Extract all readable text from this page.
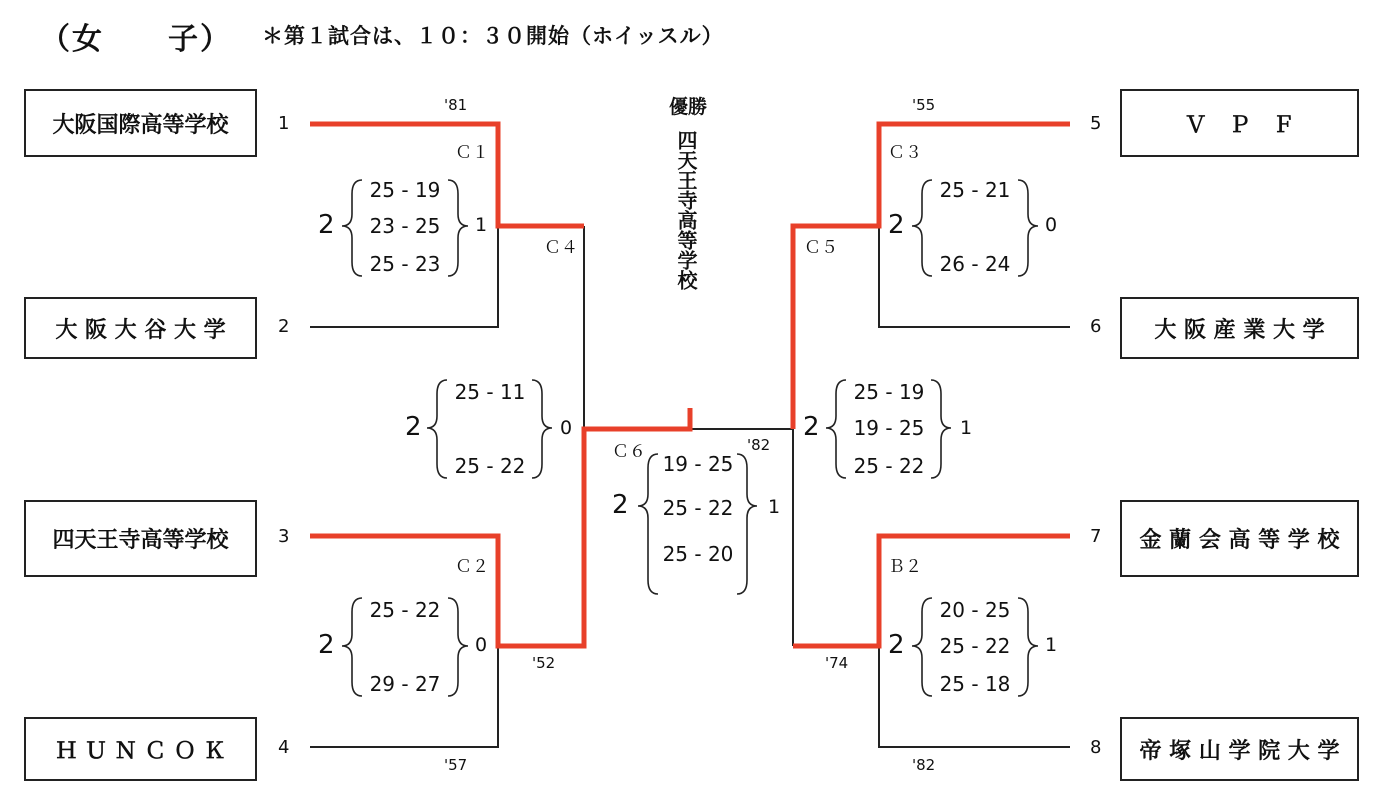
（女　　子） ＊第１試合は、１０：３０開始（ホイッスル）
大阪国際高等学校
大 阪 大 谷 大 学
四天王寺高等学校
Ｈ Ｕ Ｎ Ｃ Ｏ Ｋ
Ｖ　Ｐ　Ｆ
大 阪 産 業 大 学
金 蘭 会 高 等 学 校
帝 塚 山 学 院 大 学
1
2
3
4
5
6
7
8
優勝
四天王寺高等学校
'81
Ｃ１
2	1
25 - 19
23 - 25
25 - 23
Ｃ２
'57
2	0
25 - 22
29 - 27
Ｃ４
'52
2	0
25 - 11
25 - 22
Ｃ６	'82
2	1
19 - 25
25 - 22
25 - 20
'55
Ｃ３
2	0
25 - 21
26 - 24
Ｃ５
'74
2	1
25 - 19
19 - 25
25 - 22
Ｂ２
'82
2	1
20 - 25
25 - 22
25 - 18
